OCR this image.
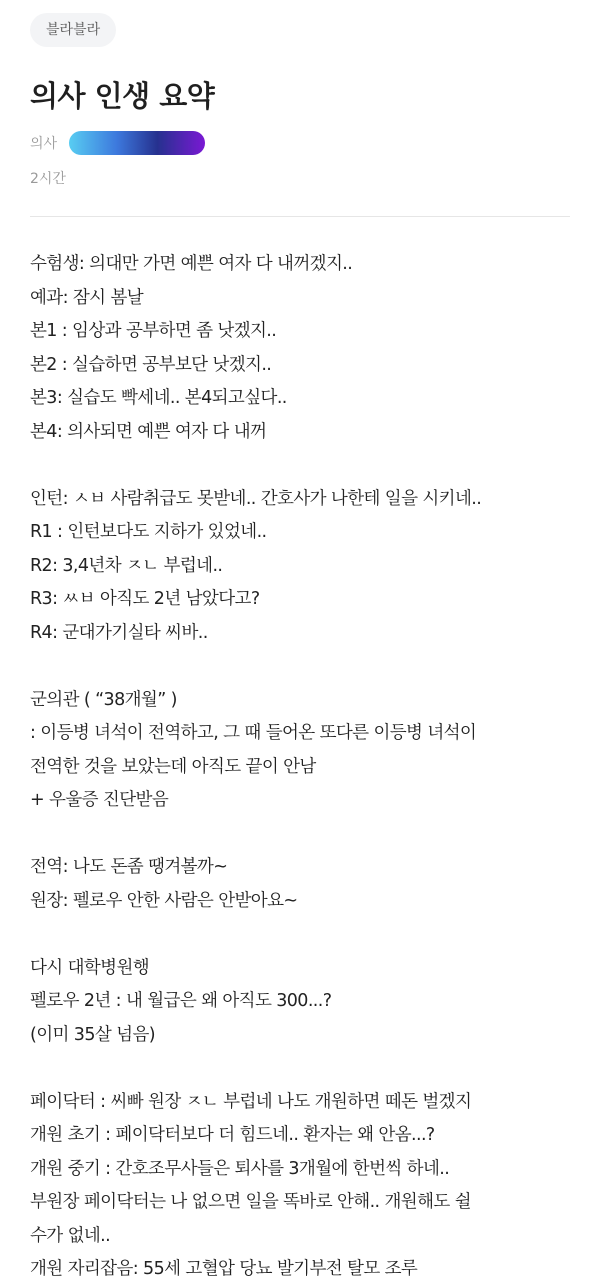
블라블라
의사 인생 요약
의사
2시간
수험생: 의대만 가면 예쁜 여자 다 내꺼겠지..
예과: 잠시 봄날
본1 : 임상과 공부하면 좀 낫겠지..
본2 : 실습하면 공부보단 낫겠지..
본3: 실습도 빡세네.. 본4되고싶다..
본4: 의사되면 예쁜 여자 다 내꺼
인턴: ㅅㅂ 사람취급도 못받네.. 간호사가 나한테 일을 시키네..
R1 : 인턴보다도 지하가 있었네..
R2: 3,4년차 ㅈㄴ 부럽네..
R3: ㅆㅂ 아직도 2년 남았다고?
R4: 군대가기실타 씨바..
군의관 ( “38개월” )
: 이등병 녀석이 전역하고, 그 때 들어온 또다른 이등병 녀석이
전역한 것을 보았는데 아직도 끝이 안남
+ 우울증 진단받음
전역: 나도 돈좀 땡겨볼까~
원장: 펠로우 안한 사람은 안받아요~
다시 대학병원행
펠로우 2년 : 내 월급은 왜 아직도 300...?
(이미 35살 넘음)
페이닥터 : 씨빠 원장 ㅈㄴ 부럽네 나도 개원하면 떼돈 벌겠지
개원 초기 : 페이닥터보다 더 힘드네.. 환자는 왜 안옴...?
개원 중기 : 간호조무사들은 퇴사를 3개월에 한번씩 하네..
부원장 페이닥터는 나 없으면 일을 똑바로 안해.. 개원해도 쉴
수가 없네..
개원 자리잡음: 55세 고혈압 당뇨 발기부전 탈모 조루
